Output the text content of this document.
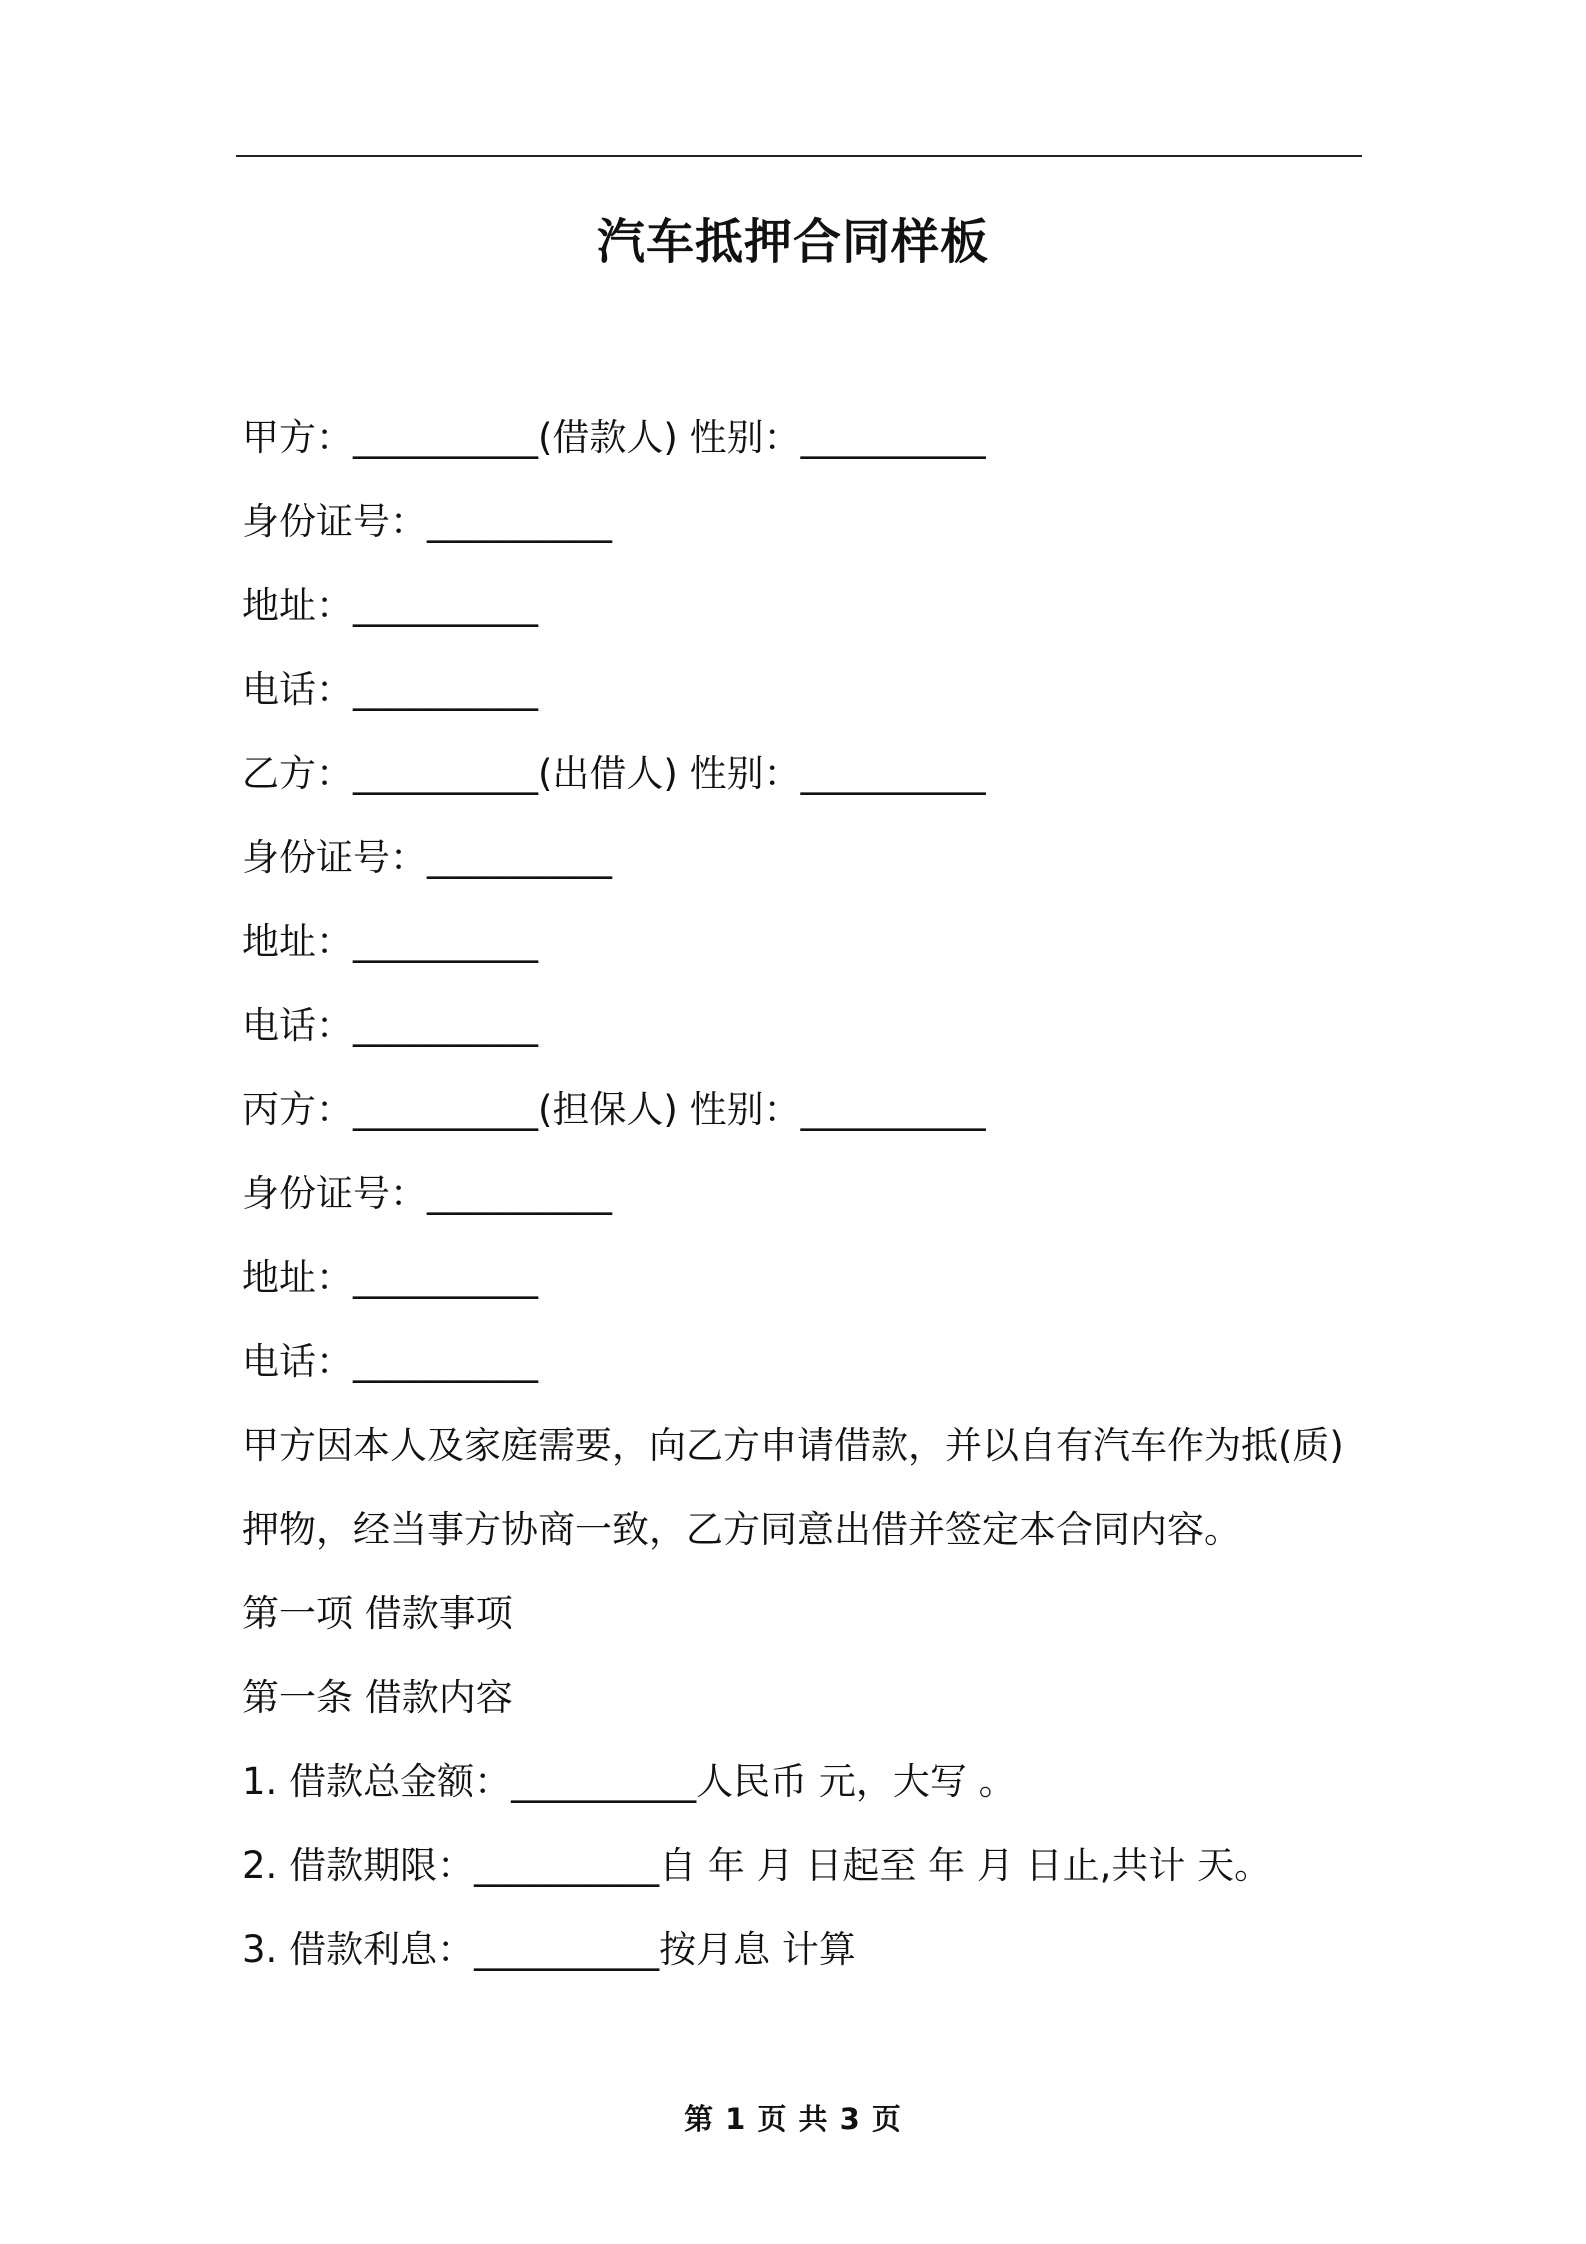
汽车抵押合同样板
甲方：__________(借款人) 性别：__________
身份证号：__________
地址：__________
电话：__________
乙方：__________(出借人) 性别：__________
身份证号：__________
地址：__________
电话：__________
丙方：__________(担保人) 性别：__________
身份证号：__________
地址：__________
电话：__________
甲方因本人及家庭需要，向乙方申请借款，并以自有汽车作为抵(质)
押物，经当事方协商一致，乙方同意出借并签定本合同内容。
第一项 借款事项
第一条 借款内容
1. 借款总金额：__________人民币 元，大写 。
2. 借款期限：__________自 年 月 日起至 年 月 日止,共计 天。
3. 借款利息：__________按月息 计算
第 1 页 共 3 页
